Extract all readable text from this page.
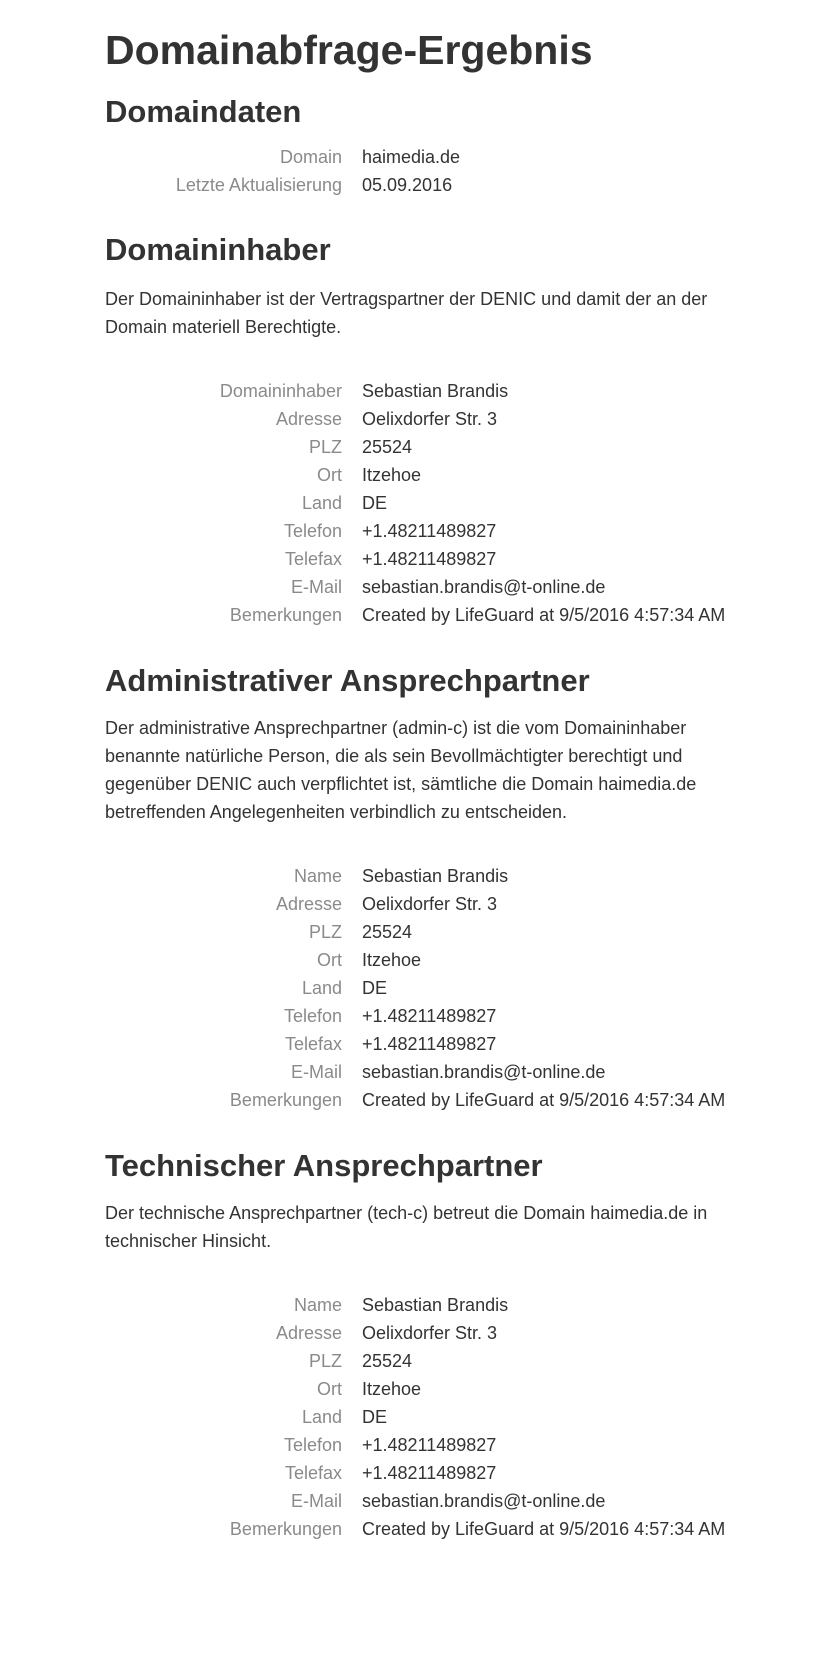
Domainabfrage-Ergebnis
Domaindaten
Domain haimedia.de
Letzte Aktualisierung 05.09.2016
Domaininhaber

Der Domaininhaber ist der Vertragspartner der DENIC und damit der an der Domain materiell Berechtigte.

Domaininhaber Sebastian Brandis
Adresse Oelixdorfer Str. 3
PLZ 25524
Ort Itzehoe
Land DE
Telefon +1.48211489827
Telefax +1.48211489827
E-Mail sebastian.brandis@t-online.de
Bemerkungen Created by LifeGuard at 9/5/2016 4:57:34 AM
Administrativer Ansprechpartner

Der administrative Ansprechpartner (admin-c) ist die vom Domaininhaber benannte natürliche Person, die als sein Bevollmächtigter berechtigt und gegenüber DENIC auch verpflichtet ist, sämtliche die Domain haimedia.de betreffenden Angelegenheiten verbindlich zu entscheiden.

Name Sebastian Brandis
Adresse Oelixdorfer Str. 3
PLZ 25524
Ort Itzehoe
Land DE
Telefon +1.48211489827
Telefax +1.48211489827
E-Mail sebastian.brandis@t-online.de
Bemerkungen Created by LifeGuard at 9/5/2016 4:57:34 AM
Technischer Ansprechpartner

Der technische Ansprechpartner (tech-c) betreut die Domain haimedia.de in technischer Hinsicht.

Name Sebastian Brandis
Adresse Oelixdorfer Str. 3
PLZ 25524
Ort Itzehoe
Land DE
Telefon +1.48211489827
Telefax +1.48211489827
E-Mail sebastian.brandis@t-online.de
Bemerkungen Created by LifeGuard at 9/5/2016 4:57:34 AM
